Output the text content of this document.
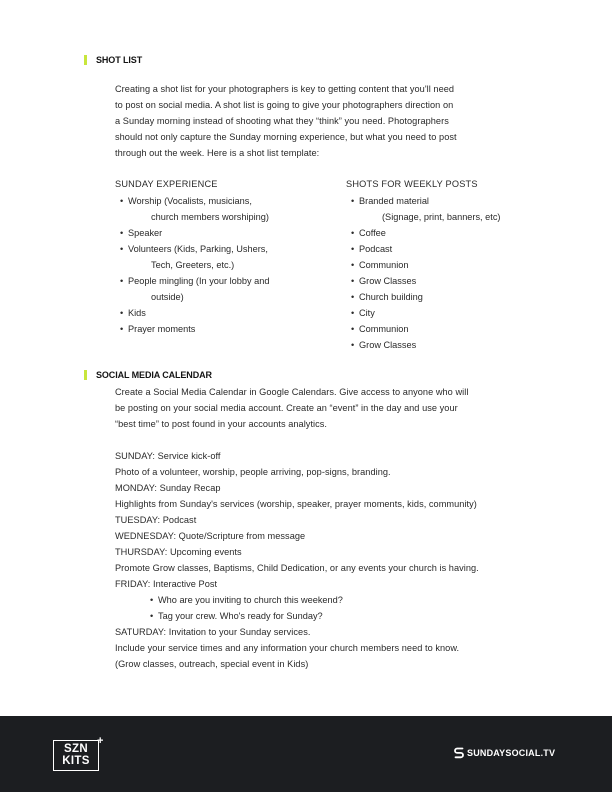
SHOT LIST

Creating a shot list for your photographers is key to getting content that you'll need

to post on social media. A shot list is going to give your photographers direction on

a Sunday morning instead of shooting what they “think” you need. Photographers

should not only capture the Sunday morning experience, but what you need to post

through out the week. Here is a shot list template:

SUNDAY EXPERIENCE
• Worship (Vocalists, musicians,
church members worshiping)
• Speaker
• Volunteers (Kids, Parking, Ushers,
Tech, Greeters, etc.)
• People mingling (In your lobby and
outside)
• Kids
• Prayer moments
SHOTS FOR WEEKLY POSTS
• Branded material
(Signage, print, banners, etc)
• Coffee
• Podcast
• Communion
• Grow Classes
• Church building
• City
• Communion
• Grow Classes
SOCIAL MEDIA CALENDAR

Create a Social Media Calendar in Google Calendars. Give access to anyone who will

be posting on your social media account. Create an “event” in the day and use your

“best time” to post found in your accounts analytics.

SUNDAY: Service kick-off

Photo of a volunteer, worship, people arriving, pop-signs, branding.

MONDAY: Sunday Recap

Highlights from Sunday's services (worship, speaker, prayer moments, kids, community)

TUESDAY: Podcast

WEDNESDAY: Quote/Scripture from message

THURSDAY: Upcoming events

Promote Grow classes, Baptisms, Child Dedication, or any events your church is having.

FRIDAY: Interactive Post

• Who are you inviting to church this weekend?
• Tag your crew. Who's ready for Sunday?

SATURDAY: Invitation to your Sunday services.

Include your service times and any information your church members need to know.

(Grow classes, outreach, special event in Kids)

SZN
KITS
+
SUNDAYSOCIAL.TV
